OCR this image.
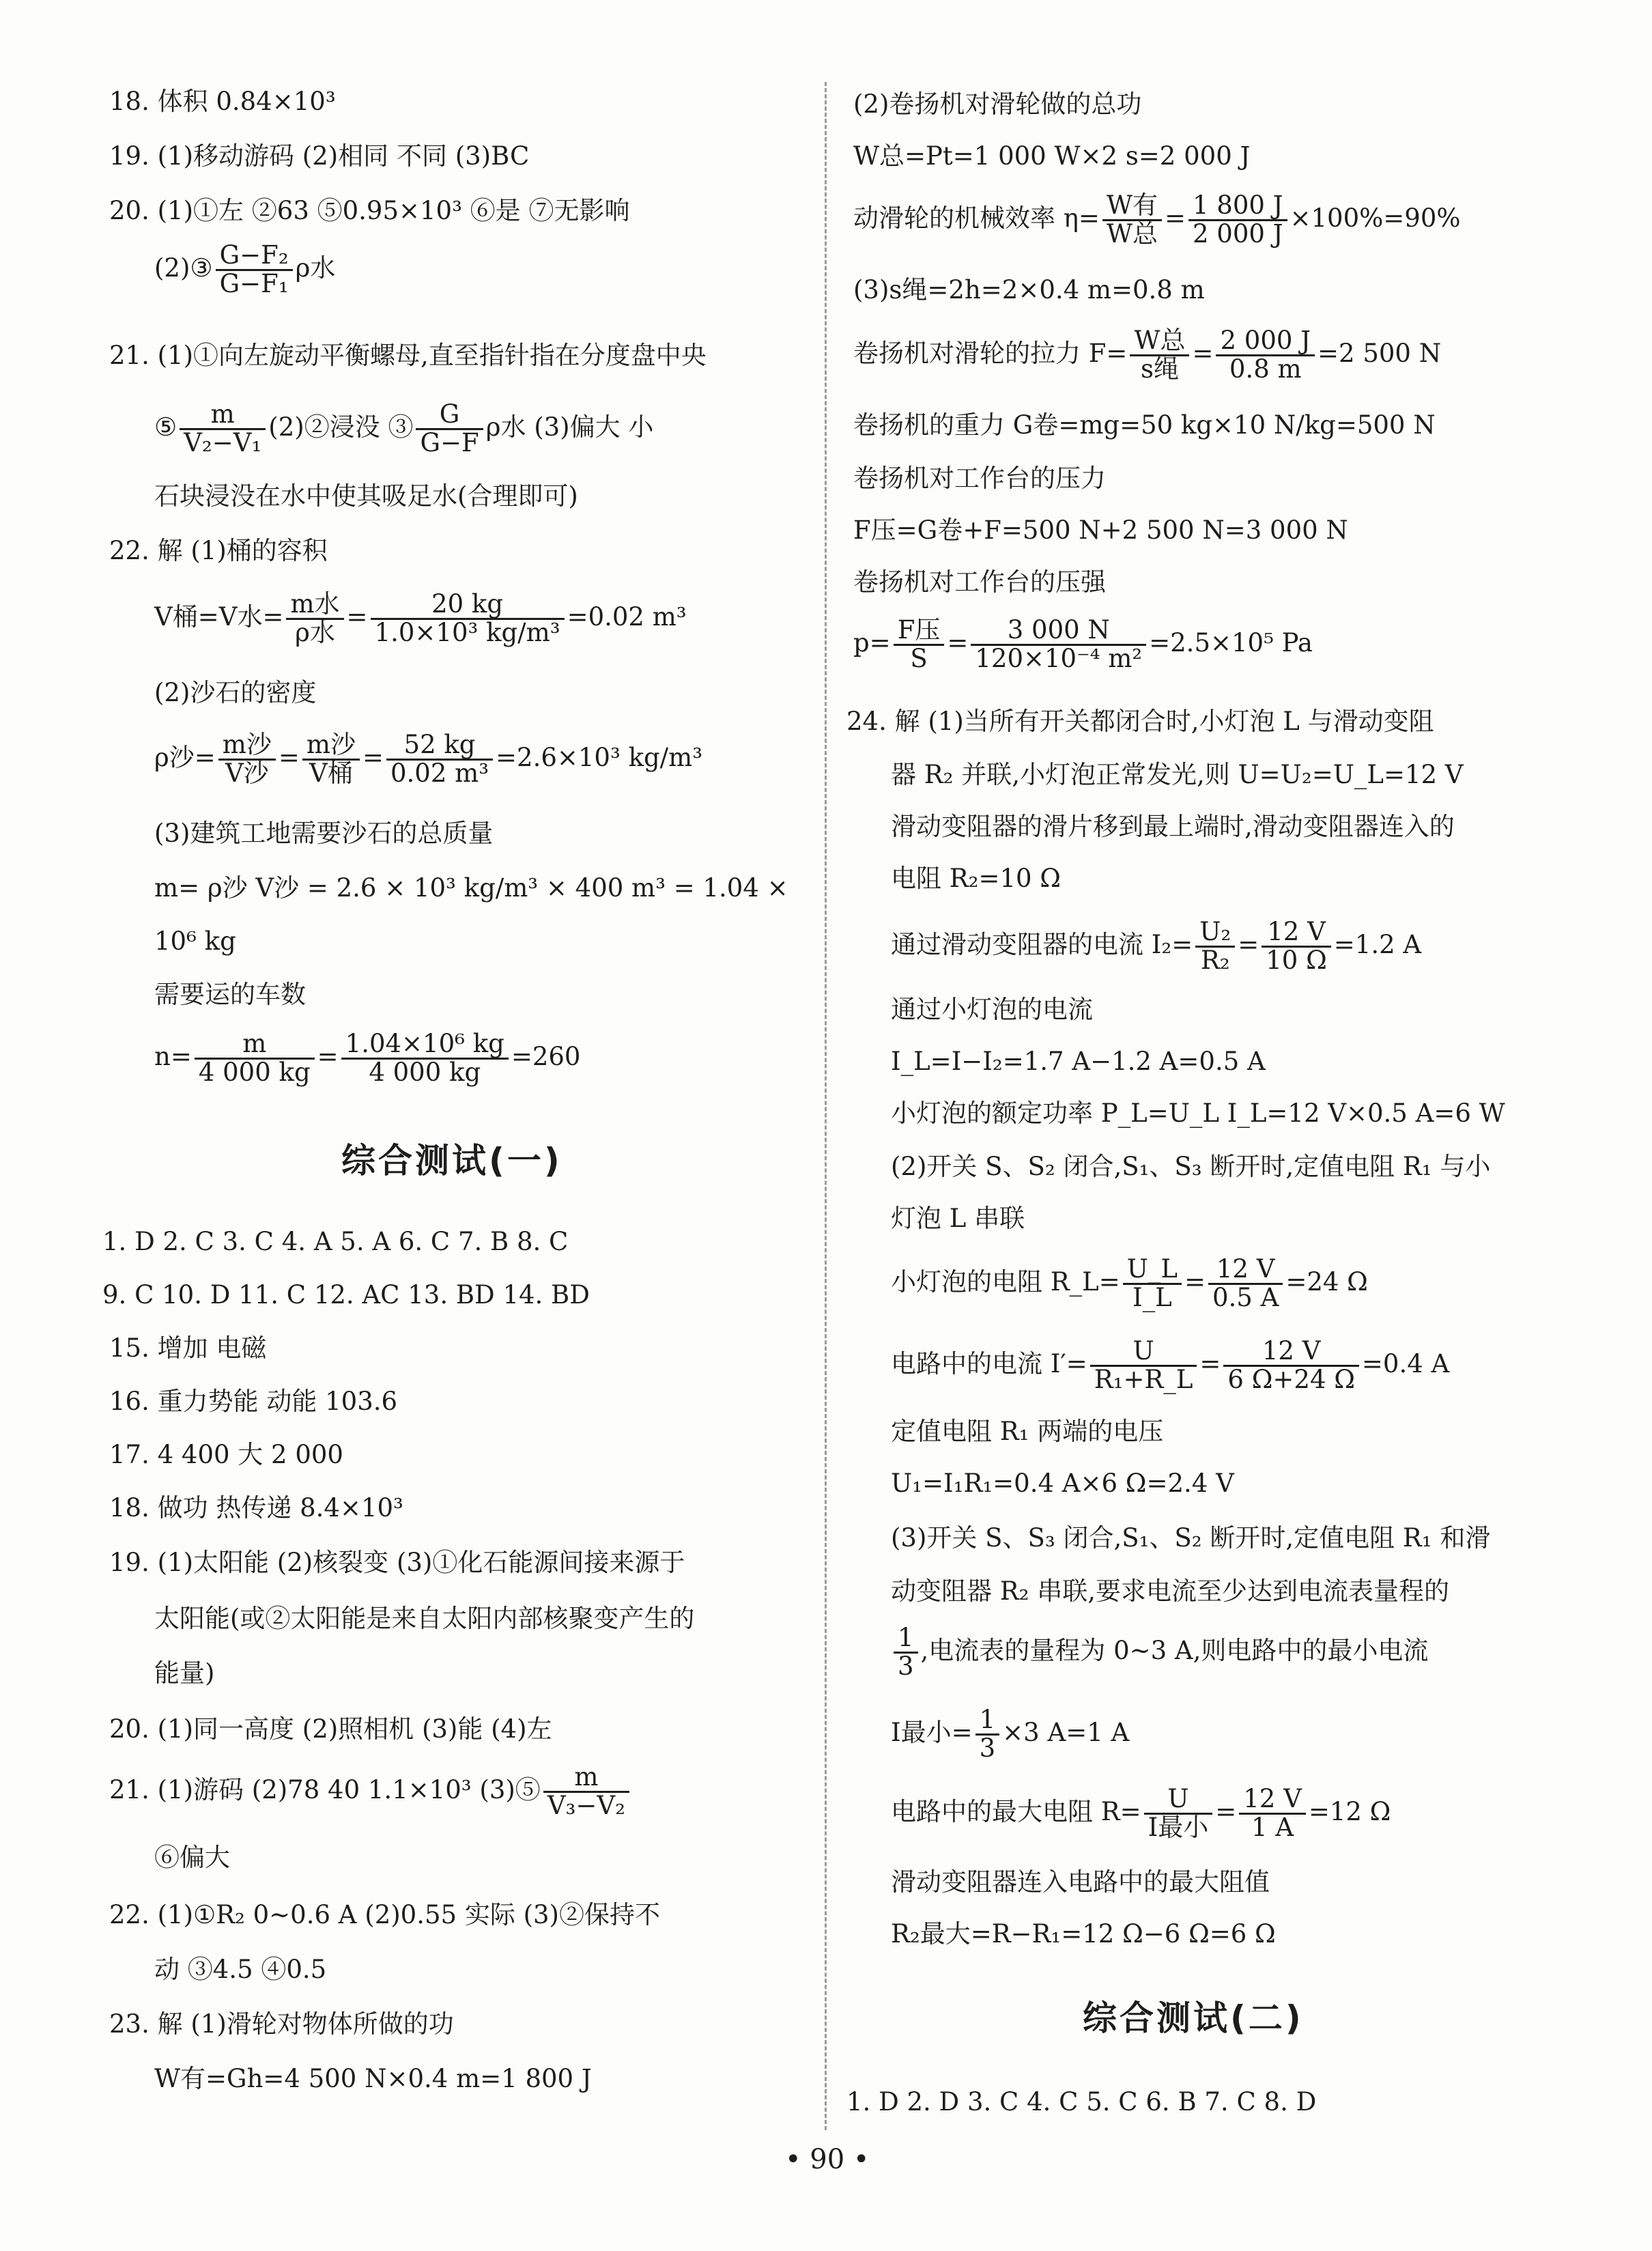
18. 体积 0.84×10³
19. (1)移动游码 (2)相同 不同 (3)BC
20. (1)①左 ②63 ⑤0.95×10³ ⑥是 ⑦无影响
(2)③ $\frac{\text{G−F₂}}{\text{G−F₁}}$ ρ水
21. (1)①向左旋动平衡螺母,直至指针指在分度盘中央
⑤ $\frac{m}{\text{V₂−V₁}}$ (2)②浸没 ③ $\frac{G}{G-F}$ ρ水 (3)偏大 小
石块浸没在水中使其吸足水(合理即可)
22. 解 (1)桶的容积
V桶=V水= m水
ρ水
= $\frac{20 kg}{\text{1.0×10³ kg/m³}} =0.02$ m³
(2)沙石的密度
ρ沙= m沙
V沙
= m沙
V桶
= $\frac{52 kg}{\text{0.02 m³}} =2.6\times 10^3$ kg/m³
(3)建筑工地需要沙石的总质量
m= ρ沙 V沙 = 2.6 × 10³ kg/m³ × 400 m³ = 1.04 ×
10⁶ kg
需要运的车数
$n= \frac{m}{4 000 kg} = \frac{\text{1.04×10⁶ kg}}{4 000 kg} =260$
综合测试(一)
1. D 2. C 3. C 4. A 5. A 6. C 7. B 8. C
9. C 10. D 11. C 12. AC 13. BD 14. BD
15. 增加 电磁
16. 重力势能 动能 103.6
17. 4 400 大 2 000
18. 做功 热传递 8.4×10³
19. (1)太阳能 (2)核裂变 (3)①化石能源间接来源于
太阳能(或②太阳能是来自太阳内部核聚变产生的
能量)
20. (1)同一高度 (2)照相机 (3)能 (4)左
21. (1)游码 (2)78 40 1.1×10³ (3)⑤ $\frac{m}{\text{V₃−V₂}}$
⑥偏大
22. (1)①R₂ 0~0.6 A (2)0.55 实际 (3)②保持不
动 ③4.5 ④0.5
23. 解 (1)滑轮对物体所做的功
W有=Gh=4 500 N×0.4 m=1 800 J
(2)卷扬机对滑轮做的总功
W总=Pt=1 000 W×2 s=2 000 J
动滑轮的机械效率 η= W有
W总
= $\frac{1 800 J}{2 000 J} \times 100\%=90\%$
(3)s绳=2h=2×0.4 m=0.8 m
卷扬机对滑轮的拉力 F= W总
s绳
= $\frac{2 000 J}{0.8 m} =2$ 500 N
卷扬机的重力 G卷=mg=50 kg×10 N/kg=500 N
卷扬机对工作台的压力
F压=G卷+F=500 N+2 500 N=3 000 N
卷扬机对工作台的压强
p= F压
S
= $\frac{3 000 N}{\text{120×10⁻⁴ m²}} =2.5\times 10^5$ Pa
24. 解 (1)当所有开关都闭合时,小灯泡 L 与滑动变阻
器 R₂ 并联,小灯泡正常发光,则 U=U₂=U_L=12 V
滑动变阻器的滑片移到最上端时,滑动变阻器连入的
电阻 R₂=10 Ω
通过滑动变阻器的电流 $I_2= \frac{\text{U₂}}{\text{R₂}} = \frac{12 V}{10 \Omega} =1.2$ A
通过小灯泡的电流
I_L=I−I₂=1.7 A−1.2 A=0.5 A
小灯泡的额定功率 P_L=U_L I_L=12 V×0.5 A=6 W
(2)开关 S、S₂ 闭合,S₁、S₃ 断开时,定值电阻 R₁ 与小
灯泡 L 串联
小灯泡的电阻 R_L= $\frac{U\_L}{I\_L} = \frac{12 V}{0.5 A} =24$ Ω
电路中的电流 $I'= \frac{U}{\text{R₁+R\_L}} = \frac{12 V}{6 \Omega+24 \Omega} =0.4$ A
定值电阻 R₁ 两端的电压
U₁=I₁R₁=0.4 A×6 Ω=2.4 V
(3)开关 S、S₃ 闭合,S₁、S₂ 断开时,定值电阻 R₁ 和滑
动变阻器 R₂ 串联,要求电流至少达到电流表量程的
$\frac{1}{3}$ ,电流表的量程为 0~3 A,则电路中的最小电流
I最小= $\frac{1}{3} \times 3$ A=1 A
电路中的最大电阻 R=	U
I最小
= $\frac{12 V}{1 A} =12$ Ω
滑动变阻器连入电路中的最大阻值
R₂最大=R−R₁=12 Ω−6 Ω=6 Ω
综合测试(二)
1. D 2. D 3. C 4. C 5. C 6. B 7. C 8. D
• 90 •
